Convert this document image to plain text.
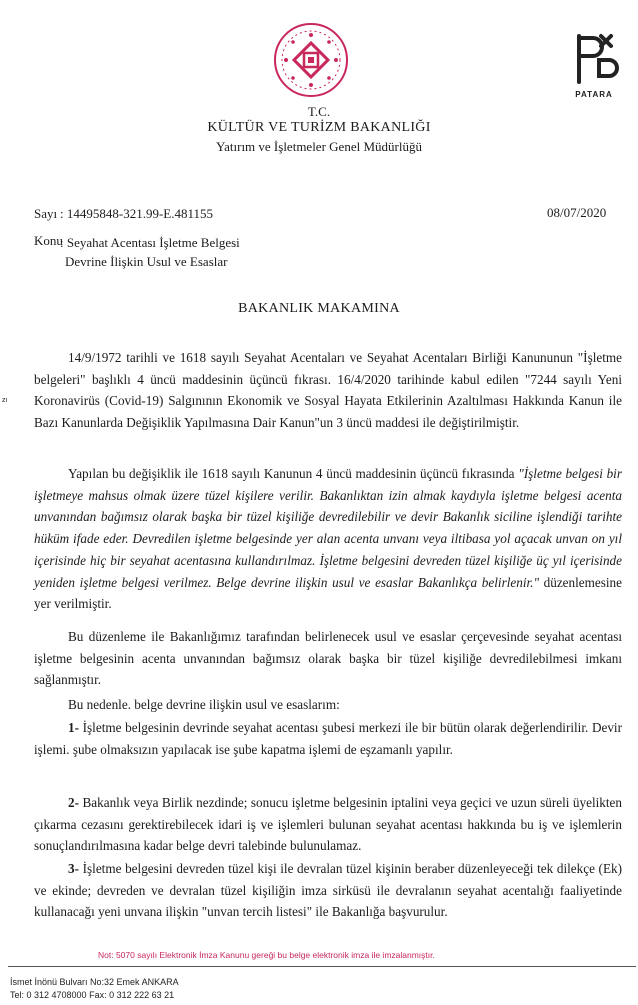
PATARA
T.C.
KÜLTÜR VE TURİZM BAKANLIĞI
Yatırım ve İşletmeler Genel Müdürlüğü
Sayı : 14495848-321.99-E.481155	08/07/2020
Konu
: Seyahat Acentası İşletme Belgesi
Devrine İlişkin Usul ve Esaslar
BAKANLIK MAKAMINA
zı

14/9/1972 tarihli ve 1618 sayılı Seyahat Acentaları ve Seyahat Acentaları Birliği Kanununun "İşletme belgeleri" başlıklı 4 üncü maddesinin üçüncü fıkrası. 16/4/2020 tarihinde kabul edilen "7244 sayılı Yeni Koronavirüs (Covid-19) Salgınının Ekonomik ve Sosyal Hayata Etkilerinin Azaltılması Hakkında Kanun ile Bazı Kanunlarda Değişiklik Yapılmasına Dair Kanun"un 3 üncü maddesi ile değiştirilmiştir.

Yapılan bu değişiklik ile 1618 sayılı Kanunun 4 üncü maddesinin üçüncü fıkrasında "İşletme belgesi bir işletmeye mahsus olmak üzere tüzel kişilere verilir. Bakanlıktan izin almak kaydıyla işletme belgesi acenta unvanından bağımsız olarak başka bir tüzel kişiliğe devredilebilir ve devir Bakanlık siciline işlendiği tarihte hüküm ifade eder. Devredilen işletme belgesinde yer alan acenta unvanı veya iltibasa yol açacak unvan on yıl içerisinde hiç bir seyahat acentasına kullandırılmaz. İşletme belgesini devreden tüzel kişiliğe üç yıl içerisinde yeniden işletme belgesi verilmez. Belge devrine ilişkin usul ve esaslar Bakanlıkça belirlenir." düzenlemesine yer verilmiştir.

Bu düzenleme ile Bakanlığımız tarafından belirlenecek usul ve esaslar çerçevesinde seyahat acentası işletme belgesinin acenta unvanından bağımsız olarak başka bir tüzel kişiliğe devredilebilmesi imkanı sağlanmıştır.

Bu nedenle. belge devrine ilişkin usul ve esaslarım:

1- İşletme belgesinin devrinde seyahat acentası şubesi merkezi ile bir bütün olarak değerlendirilir. Devir işlemi. şube olmaksızın yapılacak ise şube kapatma işlemi de eşzamanlı yapılır.

2- Bakanlık veya Birlik nezdinde; sonucu işletme belgesinin iptalini veya geçici ve uzun süreli üyelikten çıkarma cezasını gerektirebilecek idari iş ve işlemleri bulunan seyahat acentası hakkında bu iş ve işlemlerin sonuçlandırılmasına kadar belge devri talebinde bulunulamaz.

3- İşletme belgesini devreden tüzel kişi ile devralan tüzel kişinin beraber düzenleyeceği tek dilekçe (Ek) ve ekinde; devreden ve devralan tüzel kişiliğin imza sirküsü ile devralanın seyahat acentalığı faaliyetinde kullanacağı yeni unvana ilişkin "unvan tercih listesi" ile Bakanlığa başvurulur.

Not: 5070 sayılı Elektronik İmza Kanunu gereği bu belge elektronik imza ile imzalanmıştır.
İsmet İnönü Bulvarı No:32 Emek ANKARA
Tel: 0 312 4708000 Fax: 0 312 222 63 21
